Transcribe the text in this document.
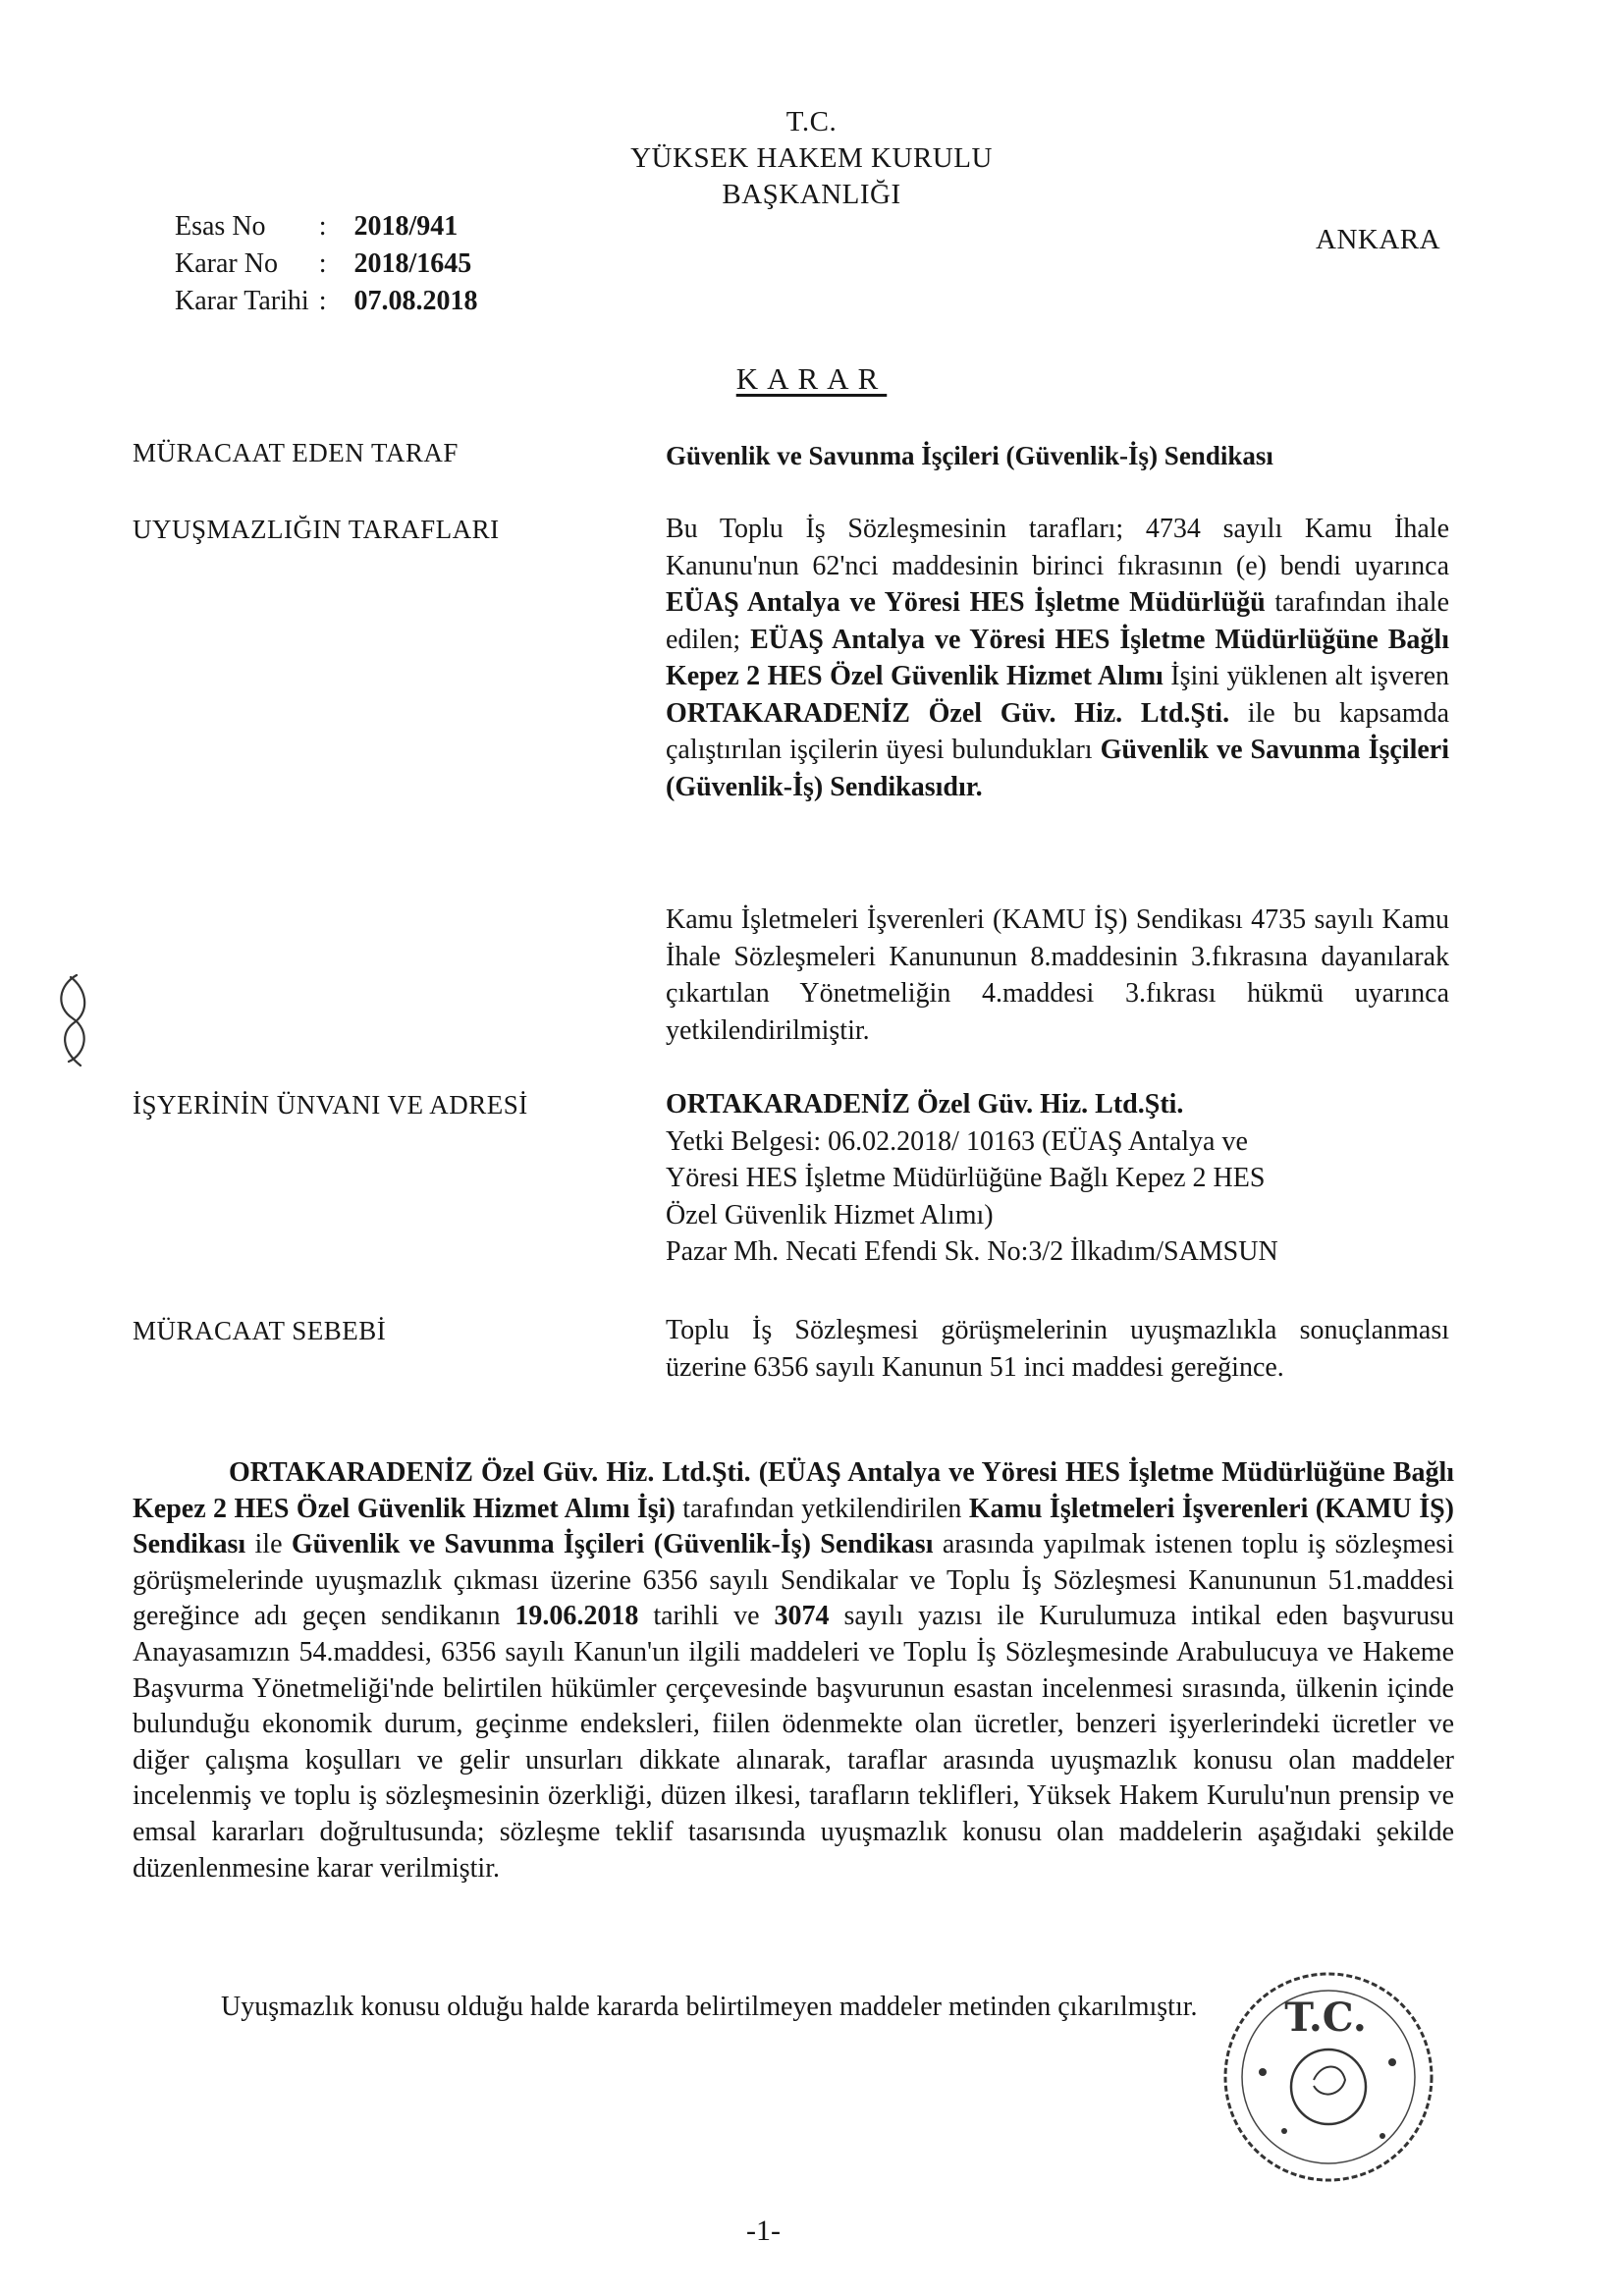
T.C.
YÜKSEK HAKEM KURULU
BAŞKANLIĞI
ANKARA
Esas No	:	2018/941
Karar No	:	2018/1645
Karar Tarihi	:	07.08.2018
KARAR
MÜRACAAT EDEN TARAF	Güvenlik ve Savunma İşçileri (Güvenlik-İş) Sendikası
UYUŞMAZLIĞIN TARAFLARI	Bu Toplu İş Sözleşmesinin tarafları; 4734 sayılı Kamu İhale Kanunu'nun 62'nci maddesinin birinci fıkrasının (e) bendi uyarınca EÜAŞ Antalya ve Yöresi HES İşletme Müdürlüğü tarafından ihale edilen; EÜAŞ Antalya ve Yöresi HES İşletme Müdürlüğüne Bağlı Kepez 2 HES Özel Güvenlik Hizmet Alımı İşini yüklenen alt işveren ORTAKARADENİZ Özel Güv. Hiz. Ltd.Şti. ile bu kapsamda çalıştırılan işçilerin üyesi bulundukları Güvenlik ve Savunma İşçileri (Güvenlik-İş) Sendikasıdır.

Kamu İşletmeleri İşverenleri (KAMU İŞ) Sendikası 4735 sayılı Kamu İhale Sözleşmeleri Kanununun 8.maddesinin 3.fıkrasına dayanılarak çıkartılan Yönetmeliğin 4.maddesi 3.fıkrası hükmü uyarınca yetkilendirilmiştir.

İŞYERİNİN ÜNVANI VE ADRESİ	ORTAKARADENİZ Özel Güv. Hiz. Ltd.Şti.
Yetki Belgesi: 06.02.2018/ 10163 (EÜAŞ Antalya ve
Yöresi HES İşletme Müdürlüğüne Bağlı Kepez 2 HES
Özel Güvenlik Hizmet Alımı)
Pazar Mh. Necati Efendi Sk. No:3/2 İlkadım/SAMSUN
MÜRACAAT SEBEBİ	Toplu İş Sözleşmesi görüşmelerinin uyuşmazlıkla sonuçlanması üzerine 6356 sayılı Kanunun 51 inci maddesi gereğince.

ORTAKARADENİZ Özel Güv. Hiz. Ltd.Şti. (EÜAŞ Antalya ve Yöresi HES İşletme Müdürlüğüne Bağlı Kepez 2 HES Özel Güvenlik Hizmet Alımı İşi) tarafından yetkilendirilen Kamu İşletmeleri İşverenleri (KAMU İŞ) Sendikası ile Güvenlik ve Savunma İşçileri (Güvenlik-İş) Sendikası arasında yapılmak istenen toplu iş sözleşmesi görüşmelerinde uyuşmazlık çıkması üzerine 6356 sayılı Sendikalar ve Toplu İş Sözleşmesi Kanununun 51.maddesi gereğince adı geçen sendikanın 19.06.2018 tarihli ve 3074 sayılı yazısı ile Kurulumuza intikal eden başvurusu Anayasamızın 54.maddesi, 6356 sayılı Kanun'un ilgili maddeleri ve Toplu İş Sözleşmesinde Arabulucuya ve Hakeme Başvurma Yönetmeliği'nde belirtilen hükümler çerçevesinde başvurunun esastan incelenmesi sırasında, ülkenin içinde bulunduğu ekonomik durum, geçinme endeksleri, fiilen ödenmekte olan ücretler, benzeri işyerlerindeki ücretler ve diğer çalışma koşulları ve gelir unsurları dikkate alınarak, taraflar arasında uyuşmazlık konusu olan maddeler incelenmiş ve toplu iş sözleşmesinin özerkliği, düzen ilkesi, tarafların teklifleri, Yüksek Hakem Kurulu'nun prensip ve emsal kararları doğrultusunda; sözleşme teklif tasarısında uyuşmazlık konusu olan maddelerin aşağıdaki şekilde düzenlenmesine karar verilmiştir.

Uyuşmazlık konusu olduğu halde kararda belirtilmeyen maddeler metinden çıkarılmıştır.
-1-
T.C.
